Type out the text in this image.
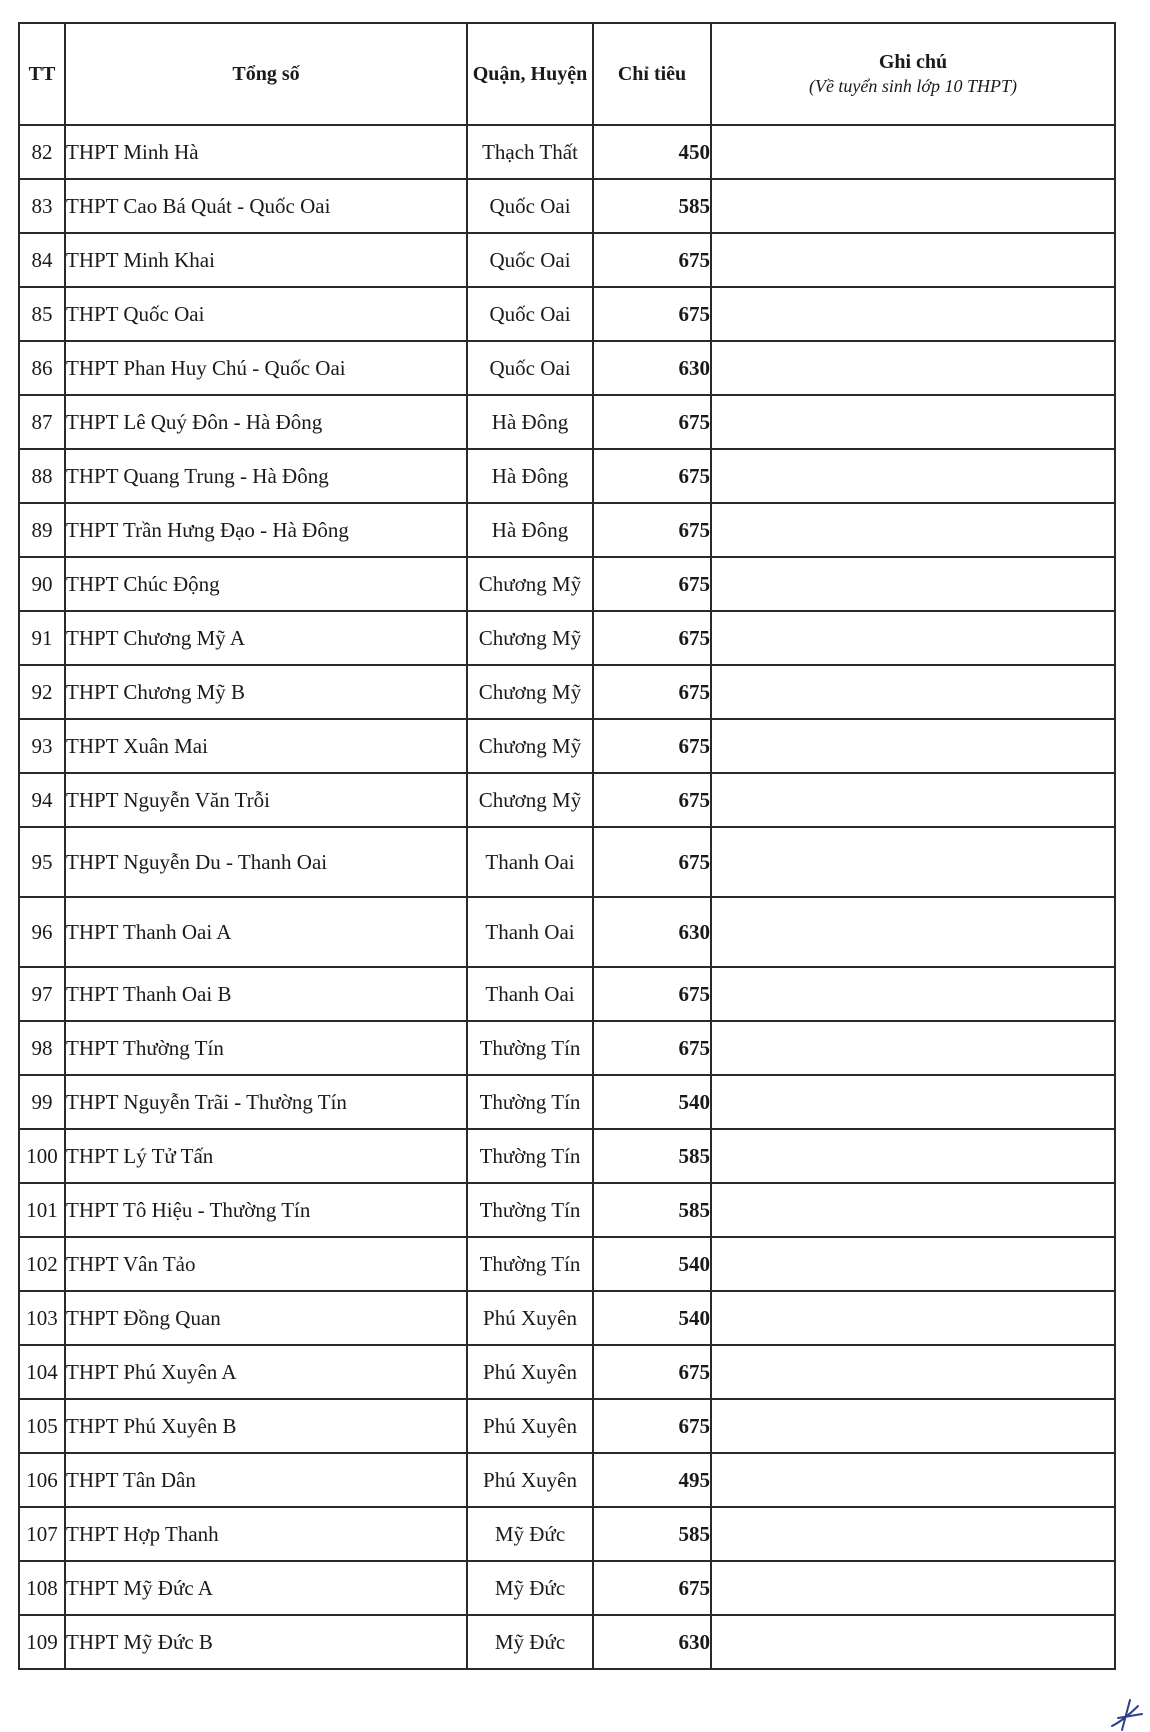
TT	Tổng số	Quận, Huyện	Chỉ tiêu	Ghi chú
(Về tuyển sinh lớp 10 THPT)

82	THPT Minh Hà	Thạch Thất	450	
83	THPT Cao Bá Quát - Quốc Oai	Quốc Oai	585	
84	THPT Minh Khai	Quốc Oai	675	
85	THPT Quốc Oai	Quốc Oai	675	
86	THPT Phan Huy Chú - Quốc Oai	Quốc Oai	630	
87	THPT Lê Quý Đôn - Hà Đông	Hà Đông	675	
88	THPT Quang Trung - Hà Đông	Hà Đông	675	
89	THPT Trần Hưng Đạo - Hà Đông	Hà Đông	675	
90	THPT Chúc Động	Chương Mỹ	675	
91	THPT Chương Mỹ A	Chương Mỹ	675	
92	THPT Chương Mỹ B	Chương Mỹ	675	
93	THPT Xuân Mai	Chương Mỹ	675	
94	THPT Nguyễn Văn Trỗi	Chương Mỹ	675	
95	THPT Nguyễn Du - Thanh Oai	Thanh Oai	675	
96	THPT Thanh Oai A	Thanh Oai	630	
97	THPT Thanh Oai B	Thanh Oai	675	
98	THPT Thường Tín	Thường Tín	675	
99	THPT Nguyễn Trãi - Thường Tín	Thường Tín	540	
100	THPT Lý Tử Tấn	Thường Tín	585	
101	THPT Tô Hiệu - Thường Tín	Thường Tín	585	
102	THPT Vân Tảo	Thường Tín	540	
103	THPT Đồng Quan	Phú Xuyên	540	
104	THPT Phú Xuyên A	Phú Xuyên	675	
105	THPT Phú Xuyên B	Phú Xuyên	675	
106	THPT Tân Dân	Phú Xuyên	495	
107	THPT Hợp Thanh	Mỹ Đức	585	
108	THPT Mỹ Đức A	Mỹ Đức	675	
109	THPT Mỹ Đức B	Mỹ Đức	630	
